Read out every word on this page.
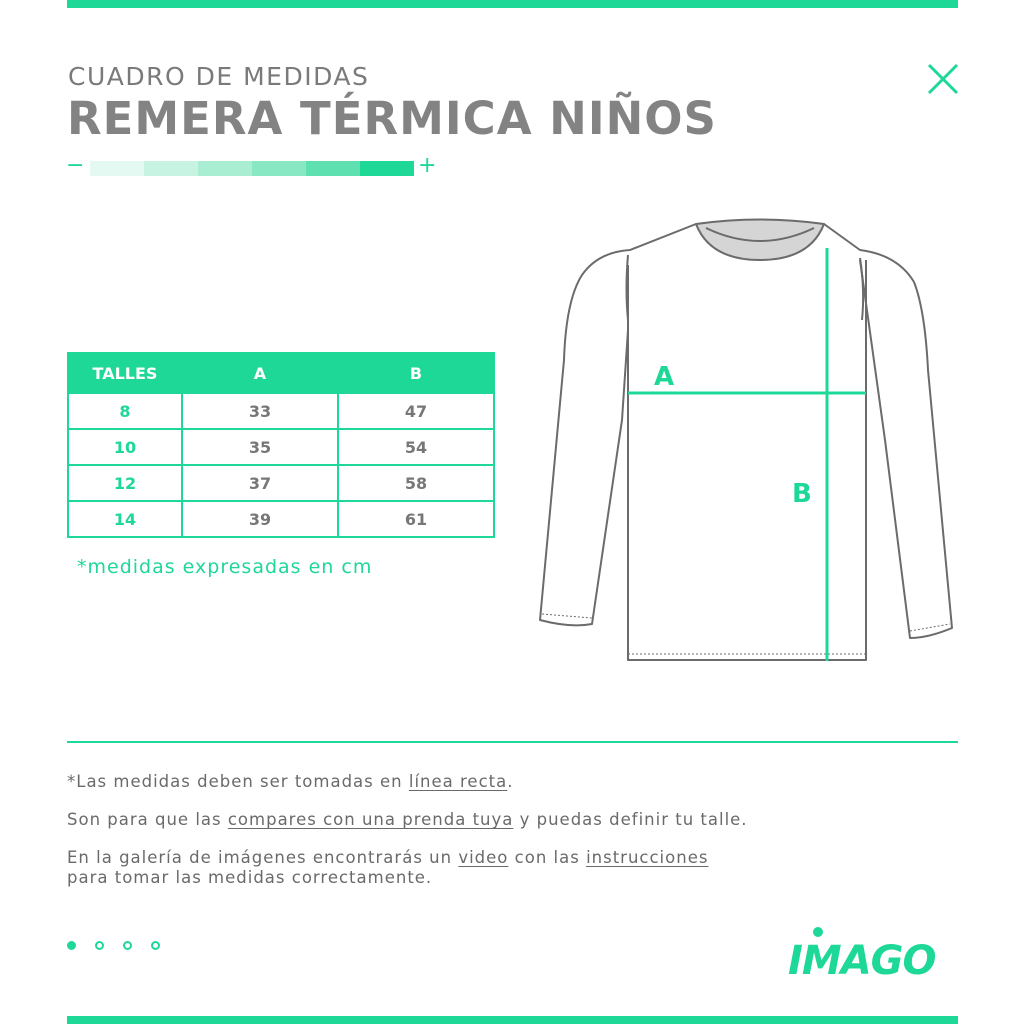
CUADRO DE MEDIDAS
REMERA TÉRMICA NIÑOS
−	+
TALLES	A	B
8	33	47
10	35	54
12	37	58
14	39	61
*medidas expresadas en cm
A
B
*Las medidas deben ser tomadas en línea recta.
Son para que las compares con una prenda tuya y puedas definir tu talle.
En la galería de imágenes encontrarás un video con las instrucciones
para tomar las medidas correctamente.
IMAGO
